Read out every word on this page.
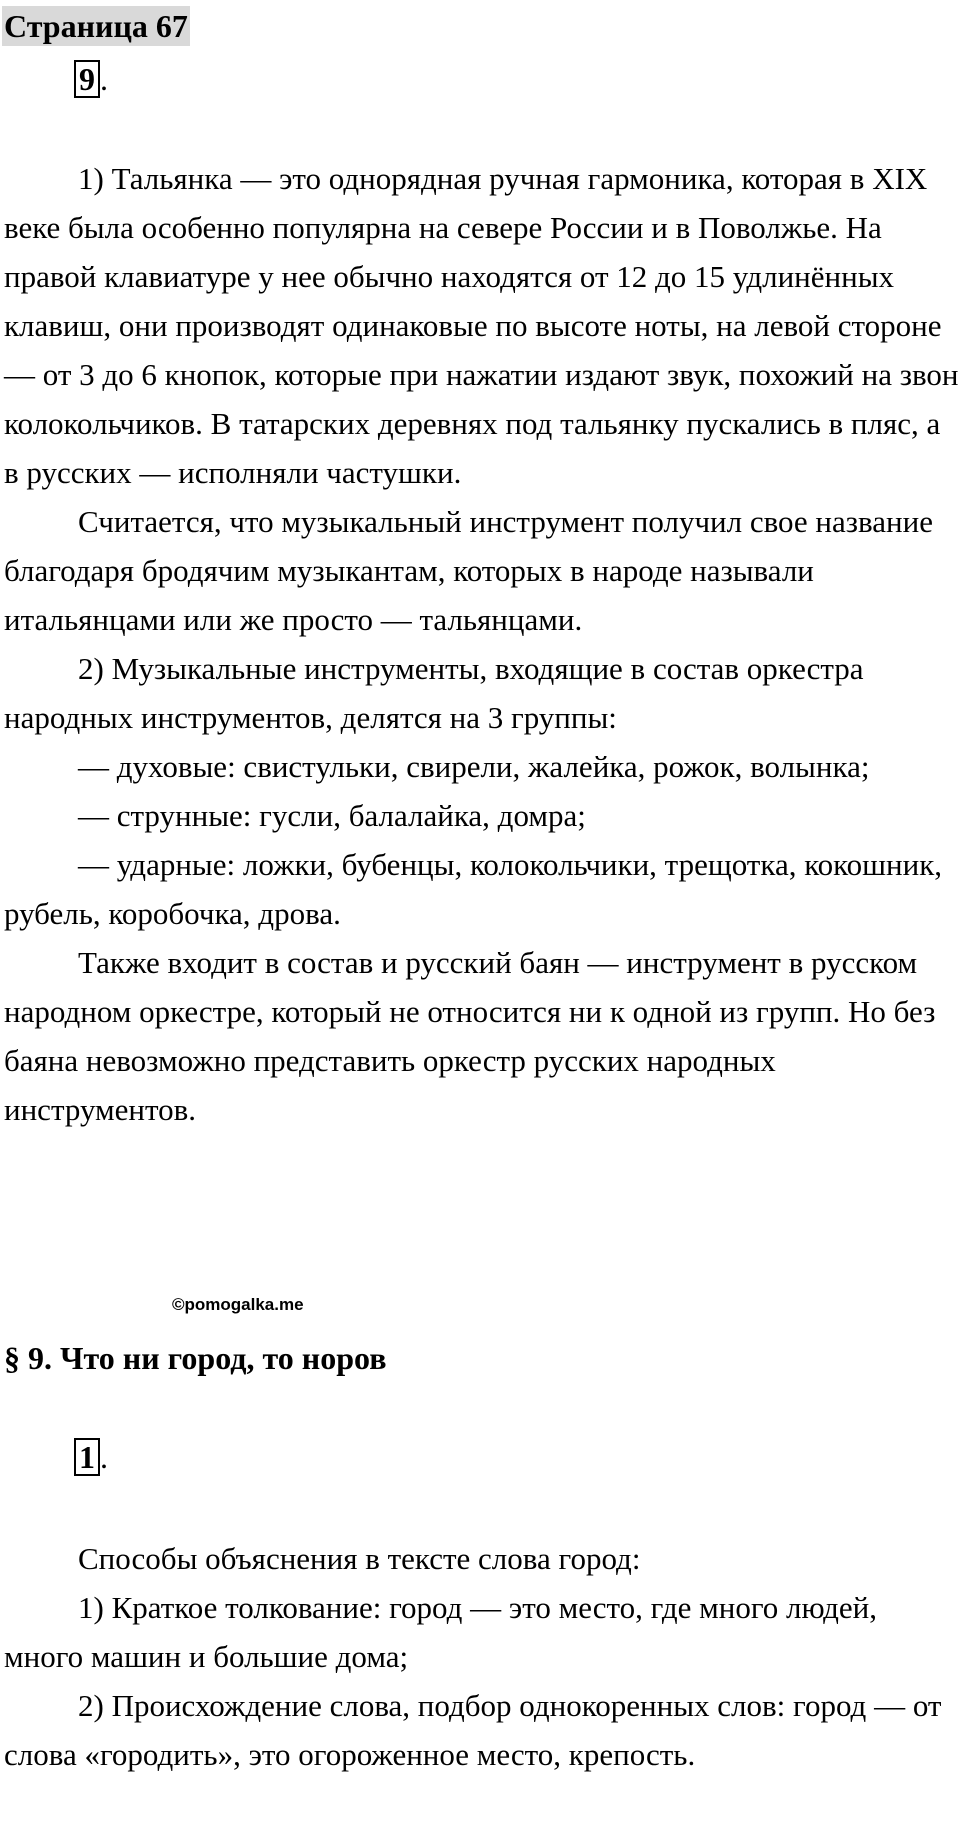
Страница 67
9 .

1) Тальянка — это однорядная ручная гармоника, которая в XIX веке была особенно популярна на севере России и в Поволжье. На правой клавиатуре у нее обычно находятся от 12 до 15 удлинённых клавиш, они производят одинаковые по высоте ноты, на левой стороне — от 3 до 6 кнопок, которые при нажатии издают звук, похожий на звон колокольчиков. В татарских деревнях под тальянку пускались в пляс, а в русских — исполняли частушки.

Считается, что музыкальный инструмент получил свое название благодаря бродячим музыкантам, которых в народе называли итальянцами или же просто — тальянцами.

2) Музыкальные инструменты, входящие в состав оркестра народных инструментов, делятся на 3 группы:

— духовые: свистульки, свирели, жалейка, рожок, волынка;

— струнные: гусли, балалайка, домра;

— ударные: ложки, бубенцы, колокольчики, трещотка, кокошник, рубель, коробочка, дрова.

Также входит в состав и русский баян — инструмент в русском народном оркестре, который не относится ни к одной из групп. Но без баяна невозможно представить оркестр русских народных инструментов.

©pomogalka.me
§ 9. Что ни город, то норов
1 .

Способы объяснения в тексте слова город:

1) Краткое толкование: город — это место, где много людей, много машин и большие дома;

2) Происхождение слова, подбор однокоренных слов: город — от слова «городить», это огороженное место, крепость.
